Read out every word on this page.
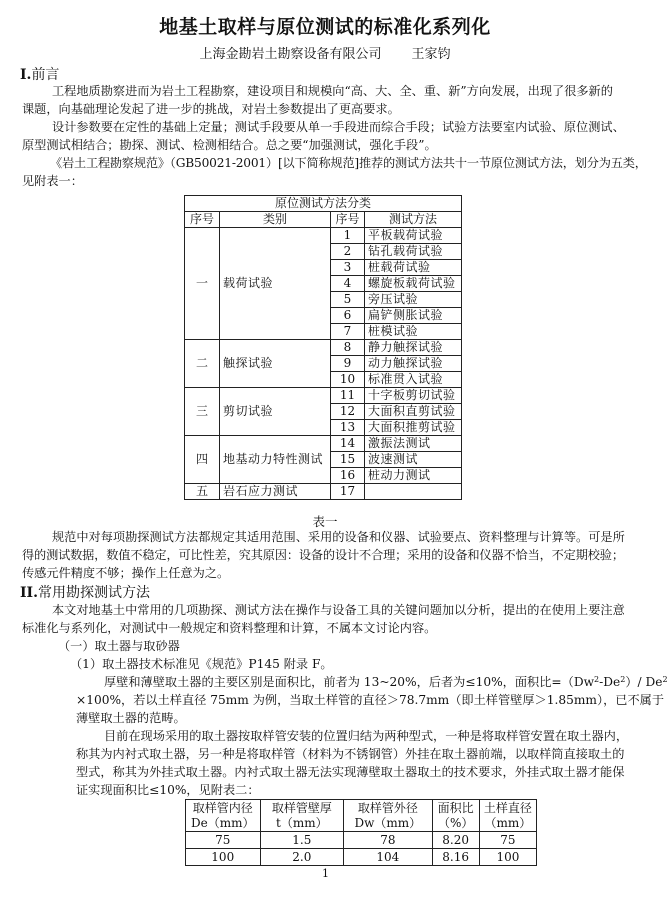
地基土取样与原位测试的标准化系列化
上海金勘岩土勘察设备有限公司 王家钧
I.前言
工程地质勘察进而为岩土工程勘察，建设项目和规模向“高、大、全、重、新”方向发展，出现了很多新的
课题，向基础理论发起了进一步的挑战，对岩土参数提出了更高要求。
设计参数要在定性的基础上定量；测试手段要从单一手段进而综合手段；试验方法要室内试验、原位测试、
原型测试相结合；勘探、测试、检测相结合。总之要“加强测试，强化手段”。
《岩土工程勘察规范》（GB50021-2001）[以下简称规范]推荐的测试方法共十一节原位测试方法，划分为五类，
见附表一：
原位测试方法分类
序号	类别	序号	测试方法
一	载荷试验	1	平板载荷试验
2	钻孔载荷试验
3	桩载荷试验
4	螺旋板载荷试验
5	旁压试验
6	扁铲侧胀试验
7	桩模试验
二	触探试验	8	静力触探试验
9	动力触探试验
10	标准贯入试验
三	剪切试验	11	十字板剪切试验
12	大面积直剪试验
13	大面积推剪试验
四	地基动力特性测试	14	激振法测试
15	波速测试
16	桩动力测试
五	岩石应力测试	17	
表一
规范中对每项勘探测试方法都规定其适用范围、采用的设备和仪器、试验要点、资料整理与计算等。可是所
得的测试数据，数值不稳定，可比性差，究其原因：设备的设计不合理；采用的设备和仪器不恰当，不定期校验；
传感元件精度不够；操作上任意为之。
II.常用勘探测试方法
本文对地基土中常用的几项勘探、测试方法在操作与设备工具的关键问题加以分析，提出的在使用上要注意
标准化与系列化，对测试中一般规定和资料整理和计算，不属本文讨论内容。
（一）取土器与取砂器
（1）取土器技术标准见《规范》P145 附录 F。
厚壁和薄壁取土器的主要区别是面积比，前者为 13~20%，后者为≤10%，面积比$=(Dw^2-De^2)/$ $De^2$
×100%，若以土样直径 75mm 为例，当取土样管的直径＞78.7mm（即土样管壁厚＞1.85mm），已不属于
薄壁取土器的范畴。
目前在现场采用的取土器按取样管安装的位置归结为两种型式，一种是将取样管安置在取土器内，
称其为内衬式取土器，另一种是将取样管（材料为不锈钢管）外挂在取土器前端，以取样筒直接取土的
型式，称其为外挂式取土器。内衬式取土器无法实现薄壁取土器取土的技术要求，外挂式取土器才能保
证实现面积比≤10%，见附表二：
取样管内径
De（mm）

取样管壁厚
t（mm）

取样管外径
Dw（mm）

面积比
（%）

土样直径
（mm）

75	1.5	78	8.20	75
100	2.0	104	8.16	100
1
